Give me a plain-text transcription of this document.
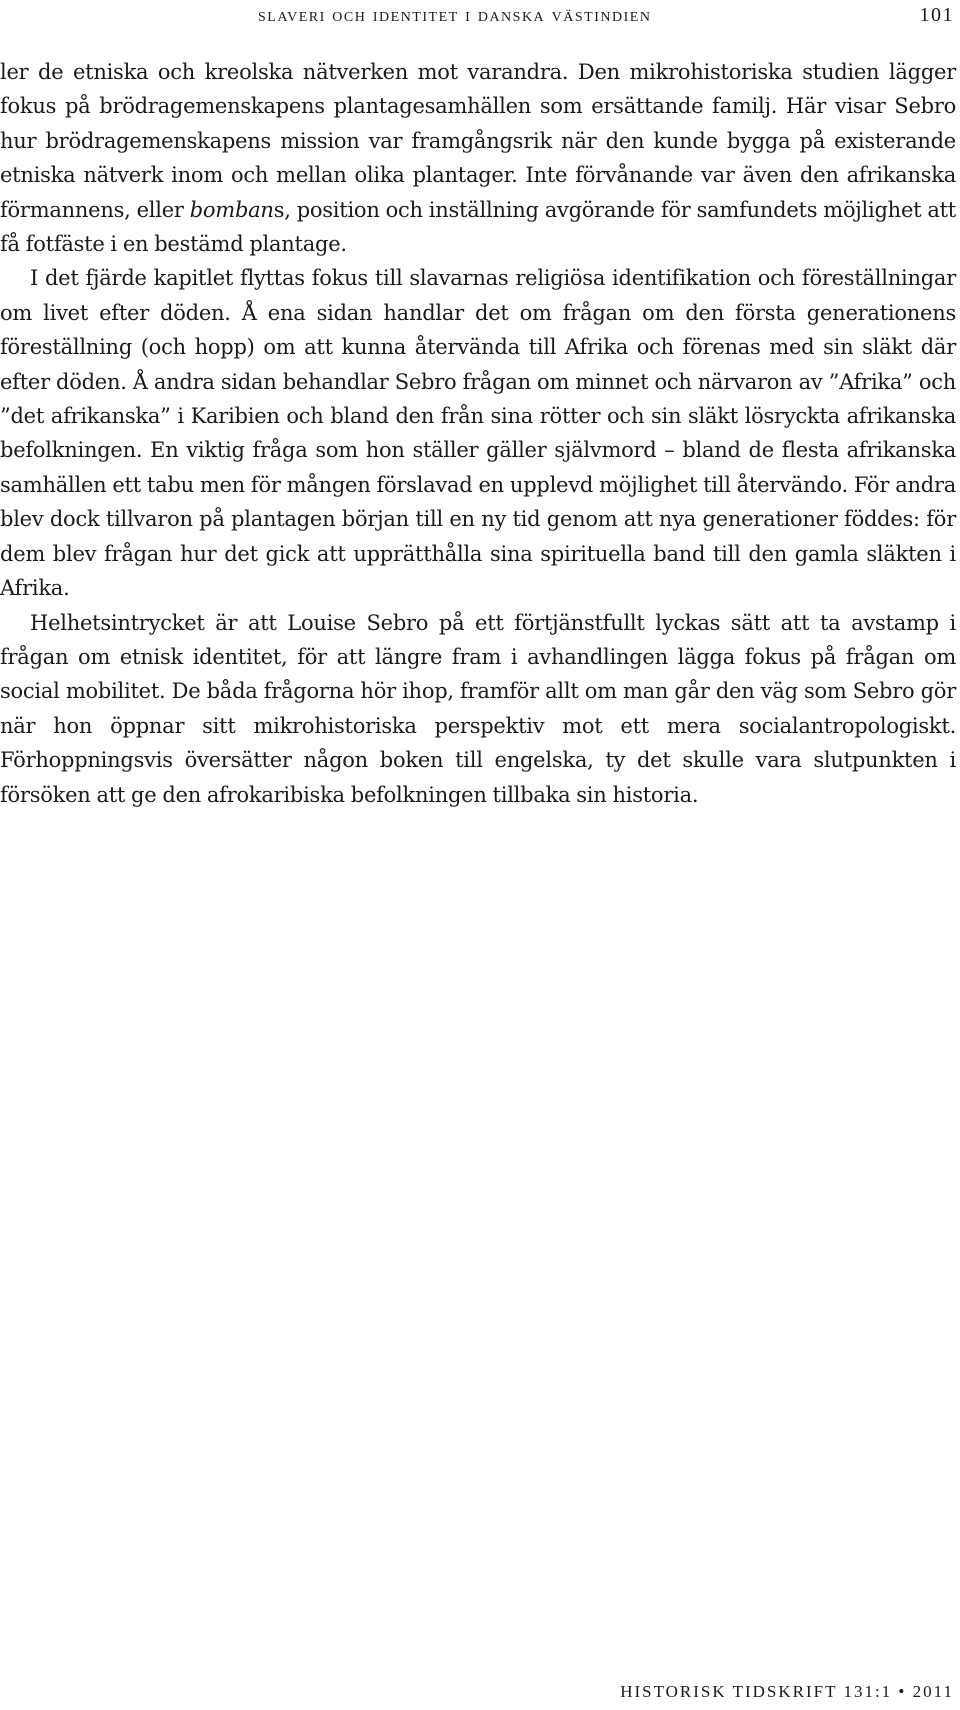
slaveri och identitet i danska västindien	101

ler de etniska och kreolska nätverken mot varandra. Den mikrohistoriska studien lägger fokus på brödragemenskapens plantagesamhällen som ersättande familj. Här visar Sebro hur brödragemenskapens mission var framgångsrik när den kunde bygga på existerande etniska nätverk inom och mellan olika plantager. Inte förvånande var även den afrikanska förmannens, eller bombans, position och inställning avgörande för samfundets möjlighet att få fotfäste i en bestämd plantage.

I det fjärde kapitlet flyttas fokus till slavarnas religiösa identifikation och föreställningar om livet efter döden. Å ena sidan handlar det om frågan om den första generationens föreställning (och hopp) om att kunna återvända till Afrika och förenas med sin släkt där efter döden. Å andra sidan behandlar Sebro frågan om minnet och närvaron av ”Afrika” och ”det afrikanska” i Karibien och bland den från sina rötter och sin släkt lösryckta afrikanska befolkningen. En viktig fråga som hon ställer gäller självmord – bland de flesta afrikanska samhällen ett tabu men för mången förslavad en upplevd möjlighet till återvändo. För andra blev dock tillvaron på plantagen början till en ny tid genom att nya generationer föddes: för dem blev frågan hur det gick att upprätthålla sina spirituella band till den gamla släkten i Afrika.

Helhetsintrycket är att Louise Sebro på ett förtjänstfullt lyckas sätt att ta avstamp i frågan om etnisk identitet, för att längre fram i avhandlingen lägga fokus på frågan om social mobilitet. De båda frågorna hör ihop, framför allt om man går den väg som Sebro gör när hon öppnar sitt mikrohistoriska perspektiv mot ett mera socialantropologiskt. Förhoppningsvis översätter någon boken till engelska, ty det skulle vara slutpunkten i försöken att ge den afrokaribiska befolkningen tillbaka sin historia.

HISTORISK TIDSKRIFT 131:1 • 2011
